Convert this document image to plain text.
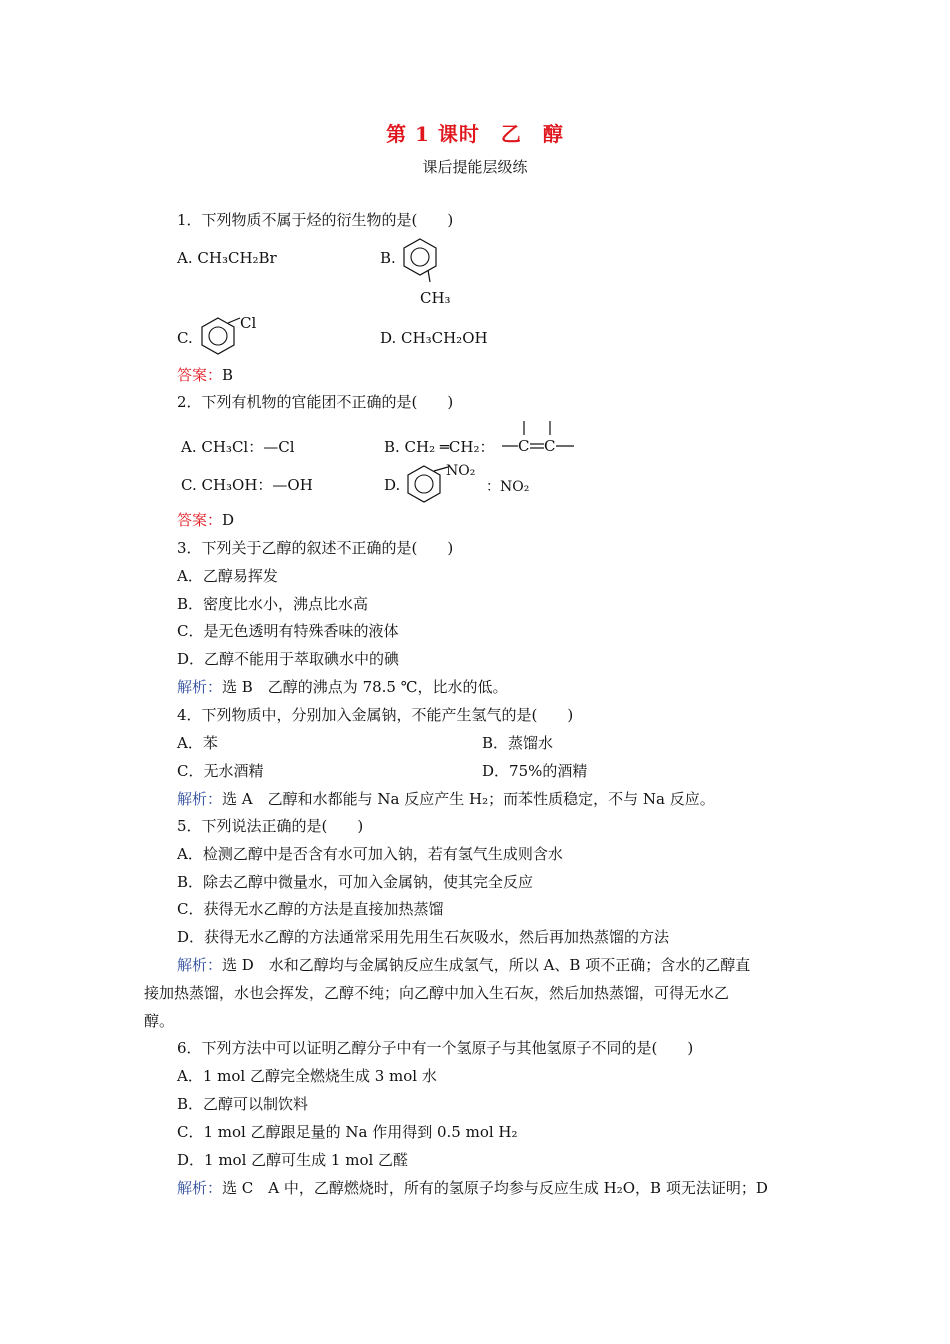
第 1 课时　乙　醇
课后提能层级练
1．下列物质不属于烃的衍生物的是(　　)
A. CH₃CH₂Br	B.
CH₃
C.
Cl
D. CH₃CH₂OH
答案：B
2．下列有机物的官能团不正确的是(　　)
A. CH₃Cl：—Cl	B. CH₂ ═CH₂： C C
C. CH₃OH：—OH	D.
NO₂
：NO₂
答案：D
3．下列关于乙醇的叙述不正确的是(　　)
A．乙醇易挥发
B．密度比水小，沸点比水高
C．是无色透明有特殊香味的液体
D．乙醇不能用于萃取碘水中的碘
解析：选 B　乙醇的沸点为 78.5 ℃，比水的低。
4．下列物质中，分别加入金属钠，不能产生氢气的是(　　)
A．苯	B．蒸馏水
C．无水酒精	D．75%的酒精
解析：选 A　乙醇和水都能与 Na 反应产生 H₂；而苯性质稳定，不与 Na 反应。
5．下列说法正确的是(　　)
A．检测乙醇中是否含有水可加入钠，若有氢气生成则含水
B．除去乙醇中微量水，可加入金属钠，使其完全反应
C．获得无水乙醇的方法是直接加热蒸馏
D．获得无水乙醇的方法通常采用先用生石灰吸水，然后再加热蒸馏的方法
解析：选 D　水和乙醇均与金属钠反应生成氢气，所以 A、B 项不正确；含水的乙醇直
接加热蒸馏，水也会挥发，乙醇不纯；向乙醇中加入生石灰，然后加热蒸馏，可得无水乙
醇。
6．下列方法中可以证明乙醇分子中有一个氢原子与其他氢原子不同的是(　　)
A．1 mol 乙醇完全燃烧生成 3 mol 水
B．乙醇可以制饮料
C．1 mol 乙醇跟足量的 Na 作用得到 0.5 mol H₂
D．1 mol 乙醇可生成 1 mol 乙醛
解析：选 C　A 中，乙醇燃烧时，所有的氢原子均参与反应生成 H₂O，B 项无法证明；D
